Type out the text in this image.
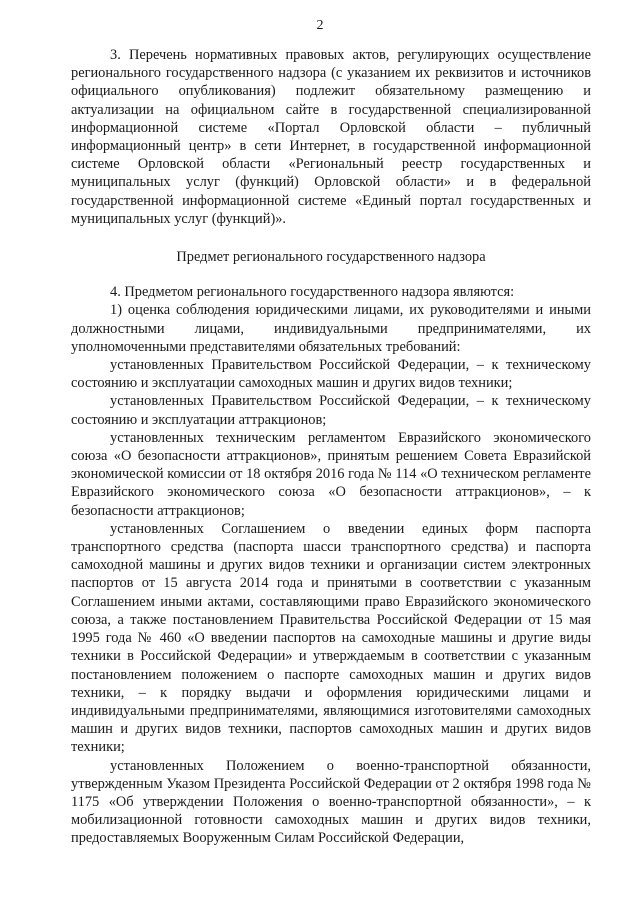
2

3. Перечень нормативных правовых актов, регулирующих осуществление регионального государственного надзора (с указанием их реквизитов и источников официального опубликования) подлежит обязательному размещению и актуализации на официальном сайте в государственной специализированной информационной системе «Портал Орловской области – публичный информационный центр» в сети Интернет, в государственной информационной системе Орловской области «Региональный реестр государственных и муниципальных услуг (функций) Орловской области» и в федеральной государственной информационной системе «Единый портал государственных и муниципальных услуг (функций)».

Предмет регионального государственного надзора

4. Предметом регионального государственного надзора являются:

1) оценка соблюдения юридическими лицами, их руководителями и иными должностными лицами, индивидуальными предпринимателями, их уполномоченными представителями обязательных требований:

установленных Правительством Российской Федерации, – к техническому состоянию и эксплуатации самоходных машин и других видов техники;

установленных Правительством Российской Федерации, – к техническому состоянию и эксплуатации аттракционов;

установленных техническим регламентом Евразийского экономического союза «О безопасности аттракционов», принятым решением Совета Евразийской экономической комиссии от 18 октября 2016 года № 114 «О техническом регламенте Евразийского экономического союза «О безопасности аттракционов», – к безопасности аттракционов;

установленных Соглашением о введении единых форм паспорта транспортного средства (паспорта шасси транспортного средства) и паспорта самоходной машины и других видов техники и организации систем электронных паспортов от 15 августа 2014 года и принятыми в соответствии с указанным Соглашением иными актами, составляющими право Евразийского экономического союза, а также постановлением Правительства Российской Федерации от 15 мая 1995 года № 460 «О введении паспортов на самоходные машины и другие виды техники в Российской Федерации» и утверждаемым в соответствии с указанным постановлением положением о паспорте самоходных машин и других видов техники, – к порядку выдачи и оформления юридическими лицами и индивидуальными предпринимателями, являющимися изготовителями самоходных машин и других видов техники, паспортов самоходных машин и других видов техники;

установленных Положением о военно-транспортной обязанности, утвержденным Указом Президента Российской Федерации от 2 октября 1998 года № 1175 «Об утверждении Положения о военно-транспортной обязанности», – к мобилизационной готовности самоходных машин и других видов техники, предоставляемых Вооруженным Силам Российской Федерации,
